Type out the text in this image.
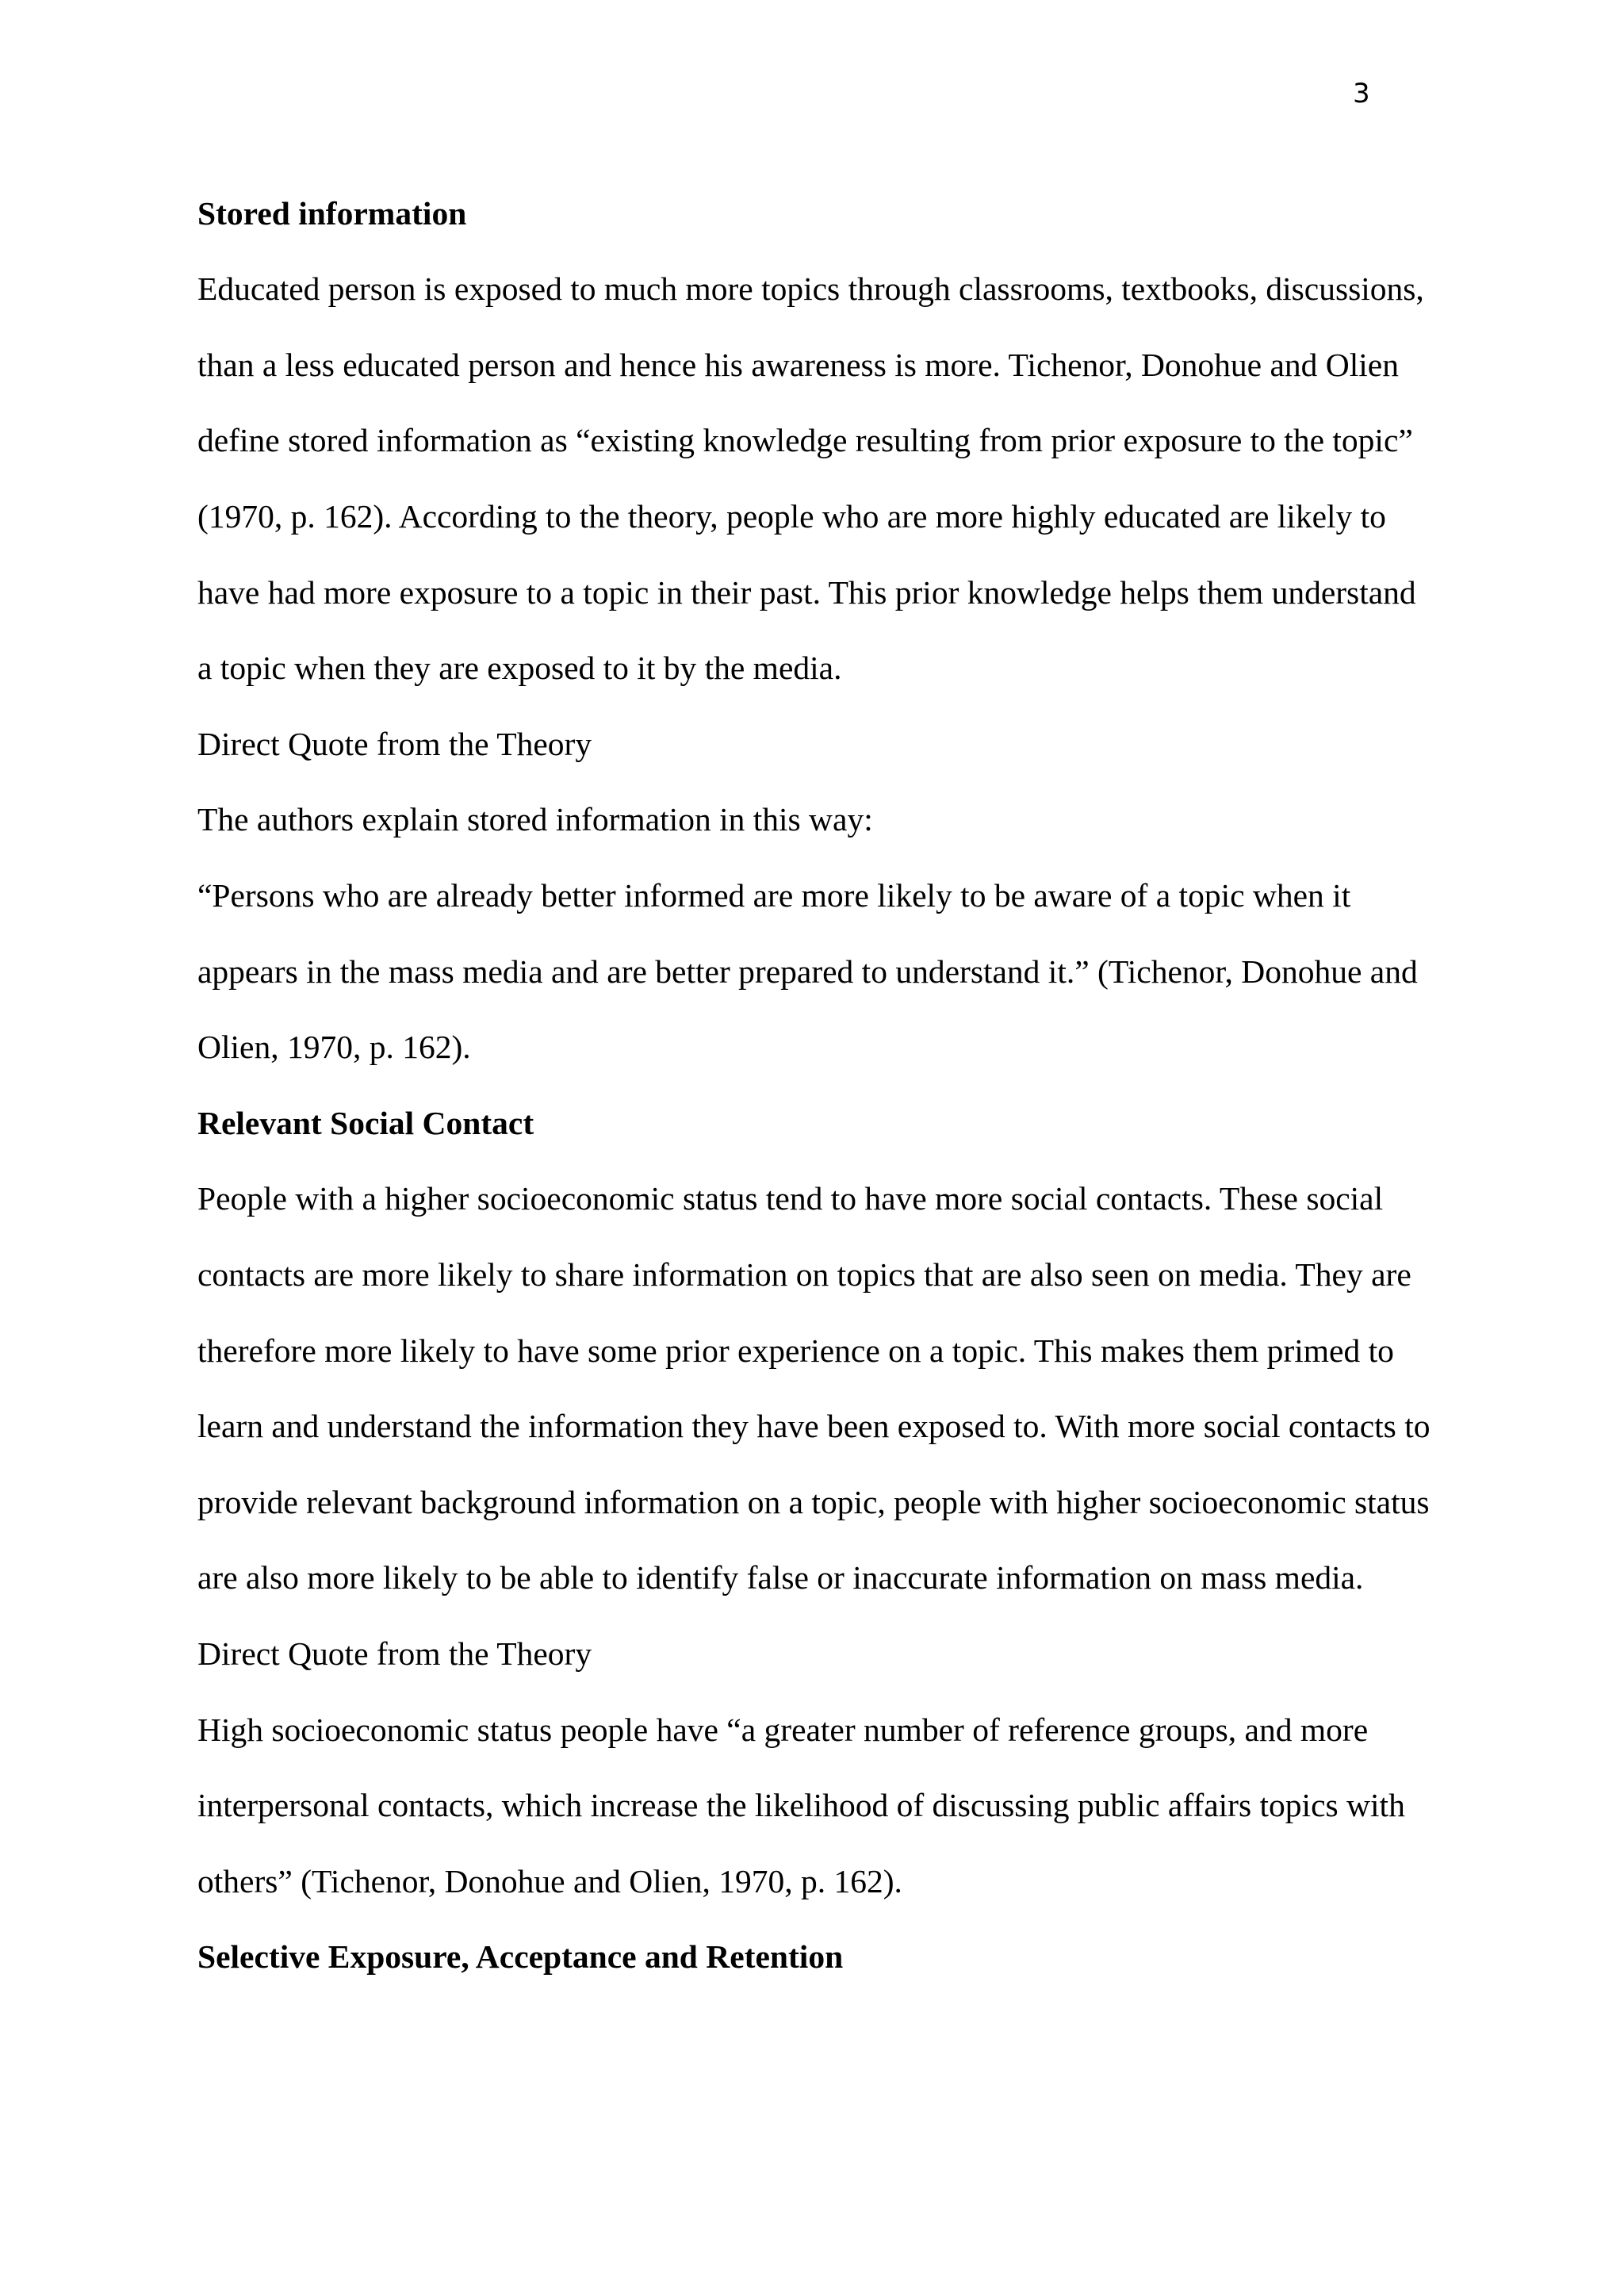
3

Stored information

Educated person is exposed to much more topics through classrooms, textbooks, discussions,

than a less educated person and hence his awareness is more. Tichenor, Donohue and Olien

define stored information as “existing knowledge resulting from prior exposure to the topic”

(1970, p. 162). According to the theory, people who are more highly educated are likely to

have had more exposure to a topic in their past. This prior knowledge helps them understand

a topic when they are exposed to it by the media.

Direct Quote from the Theory

The authors explain stored information in this way:

“Persons who are already better informed are more likely to be aware of a topic when it

appears in the mass media and are better prepared to understand it.” (Tichenor, Donohue and

Olien, 1970, p. 162).

Relevant Social Contact

People with a higher socioeconomic status tend to have more social contacts. These social

contacts are more likely to share information on topics that are also seen on media. They are

therefore more likely to have some prior experience on a topic. This makes them primed to

learn and understand the information they have been exposed to. With more social contacts to

provide relevant background information on a topic, people with higher socioeconomic status

are also more likely to be able to identify false or inaccurate information on mass media.

Direct Quote from the Theory

High socioeconomic status people have “a greater number of reference groups, and more

interpersonal contacts, which increase the likelihood of discussing public affairs topics with

others” (Tichenor, Donohue and Olien, 1970, p. 162).

Selective Exposure, Acceptance and Retention
